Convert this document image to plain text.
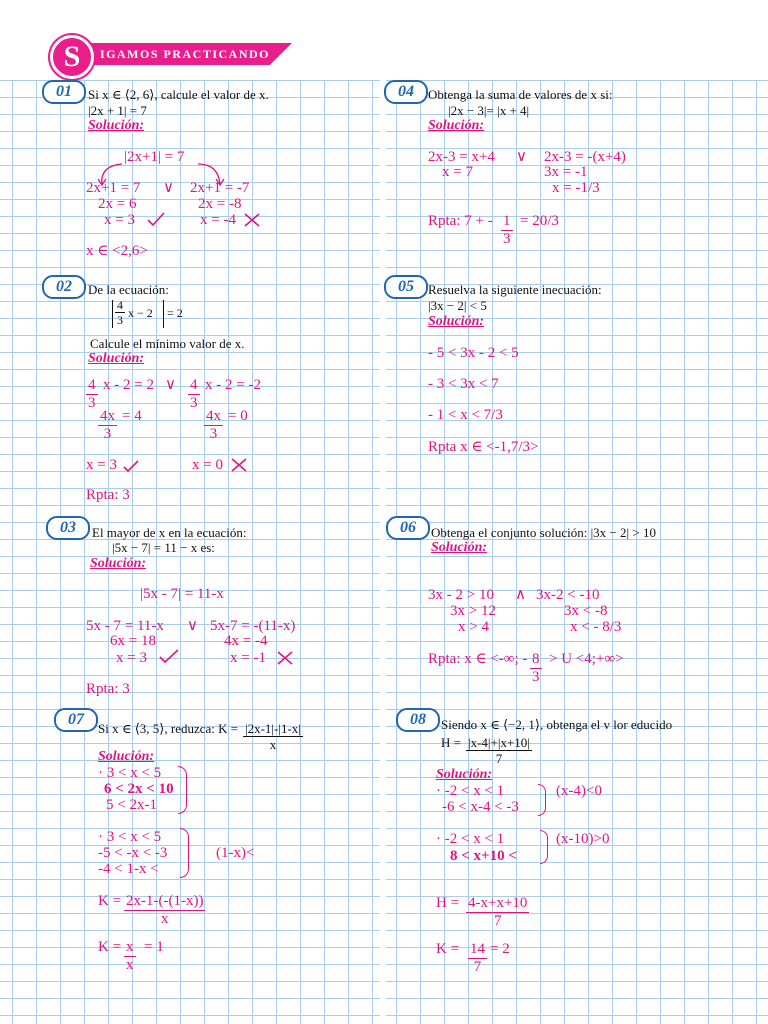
S	IGAMOS PRACTICANDO
01	Si x ∈ ⟨2, 6⟩, calcule el valor de x.
|2x + 1| = 7
Solución:
|2x+1| = 7
2x+1 = 7 ∨ 2x+1 = -7
2x = 6	2x = -8
x = 3	x = -4
x ∈ <2,6>
02	De la ecuación:
$\frac{4}{3}$ x − 2 = 2
Calcule el mínimo valor de x.
Solución:
$\frac{4}{3}$ x - 2 = 2 ∨ $\frac{4}{3}$ x - 2 = -2
$\frac{4x}{3} = 4$	$\frac{4x}{3} = 0$
x = 3	x = 0
Rpta: 3
03	El mayor de x en la ecuación:
|5x − 7| = 11 − x es:
Solución:
|5x - 7| = 11-x
5x - 7 = 11-x ∨ 5x-7 = -(11-x)
6x = 18	4x = -4
x = 3	x = -1
Rpta: 3
04	Obtenga la suma de valores de x si:
|2x − 3|= |x + 4|
Solución:
2x-3 = x+4 ∨ 2x-3 = -(x+4)
x = 7	3x = -1
x = -1/3
Rpta: 7 + - $\frac{1}{3} = 20/3$
05	Resuelva la siguiente inecuación:
|3x − 2| < 5
Solución:
- 5 < 3x - 2 < 5
- 3 < 3x < 7
- 1 < x < 7/3
Rpta x ∈ <-1,7/3>
06	Obtenga el conjunto solución: |3x − 2| > 10
Solución:
3x - 2 > 10 ∧ 3x-2 < -10
3x > 12	3x < -8
x > 4	x < - 8/3
Rpta: x ∈ <-∞; - $\frac{8}{3} > U$ <4;+∞>
07
Si x ∈ ⟨3, 5⟩, reduzca: $K = \frac{|2x-1|-|1-x|}{x}$
Solución:
· 3 < x < 5
6 < 2x < 10
5 < 2x-1
· 3 < x < 5
-5 < -x < -3
-4 < 1-x <
(1-x)<
$K = \frac{2x-1-(-(1-x))}{x}$
$K = \frac{x}{x} = 1$
08	Siendo x ∈ ⟨−2, 1⟩, obtenga el v lor educido
$H = \frac{|x-4|+|x+10|}{7}$
Solución:
· -2 < x < 1
-6 < x-4 < -3
(x-4)<0
· -2 < x < 1
8 < x+10 <
(x-10)>0
$H = \frac{4-x+x+10}{7}$
$K = \frac{14}{7} = 2$
